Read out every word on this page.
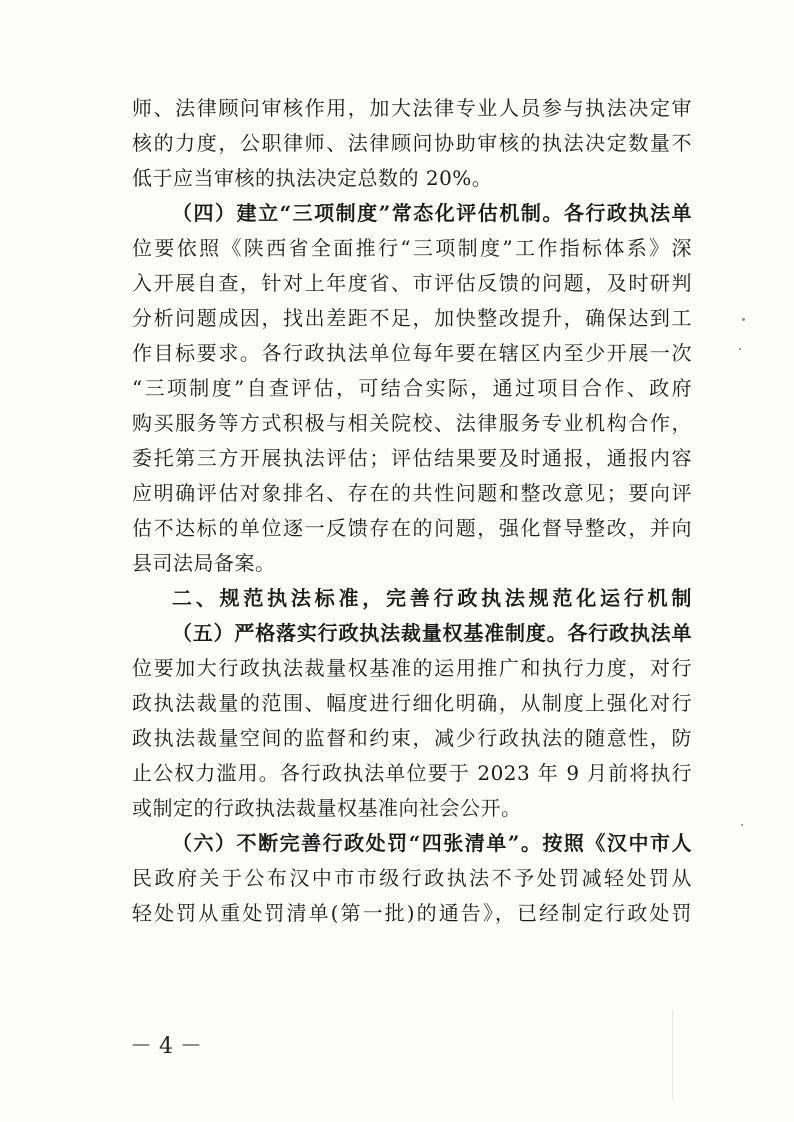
师、法律顾问审核作用，加大法律专业人员参与执法决定审
核的力度，公职律师、法律顾问协助审核的执法决定数量不
低于应当审核的执法决定总数的 20%。
（四）建立“三项制度”常态化评估机制。各行政执法单
位要依照《陕西省全面推行“三项制度”工作指标体系》深
入开展自查，针对上年度省、市评估反馈的问题，及时研判
分析问题成因，找出差距不足，加快整改提升，确保达到工
作目标要求。各行政执法单位每年要在辖区内至少开展一次
“三项制度”自查评估，可结合实际，通过项目合作、政府
购买服务等方式积极与相关院校、法律服务专业机构合作，
委托第三方开展执法评估；评估结果要及时通报，通报内容
应明确评估对象排名、存在的共性问题和整改意见；要向评
估不达标的单位逐一反馈存在的问题，强化督导整改，并向
县司法局备案。
二、规范执法标准，完善行政执法规范化运行机制
（五）严格落实行政执法裁量权基准制度。各行政执法单
位要加大行政执法裁量权基准的运用推广和执行力度，对行
政执法裁量的范围、幅度进行细化明确，从制度上强化对行
政执法裁量空间的监督和约束，减少行政执法的随意性，防
止公权力滥用。各行政执法单位要于 2023 年 9 月前将执行
或制定的行政执法裁量权基准向社会公开。
（六）不断完善行政处罚“四张清单”。按照《汉中市人
民政府关于公布汉中市市级行政执法不予处罚减轻处罚从
轻处罚从重处罚清单(第一批)的通告》，已经制定行政处罚
－ 4 －
